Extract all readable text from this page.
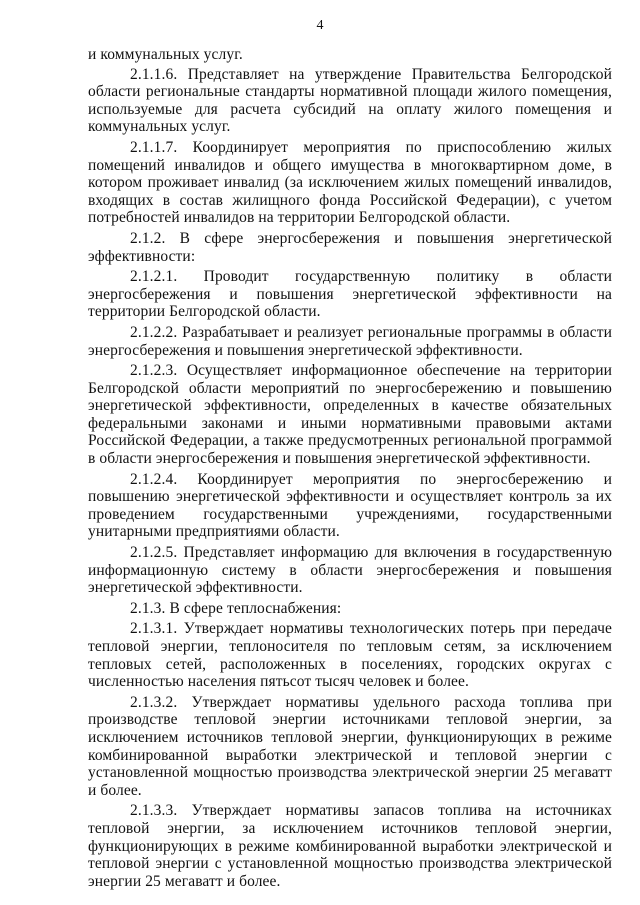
4

и коммунальных услуг.

2.1.1.6. Представляет на утверждение Правительства Белгородской области региональные стандарты нормативной площади жилого помещения, используемые для расчета субсидий на оплату жилого помещения и коммунальных услуг.

2.1.1.7. Координирует мероприятия по приспособлению жилых помещений инвалидов и общего имущества в многоквартирном доме, в котором проживает инвалид (за исключением жилых помещений инвалидов, входящих в состав жилищного фонда Российской Федерации), с учетом потребностей инвалидов на территории Белгородской области.

2.1.2. В сфере энергосбережения и повышения энергетической эффективности:

2.1.2.1. Проводит государственную политику в области энергосбережения и повышения энергетической эффективности на территории Белгородской области.

2.1.2.2. Разрабатывает и реализует региональные программы в области энергосбережения и повышения энергетической эффективности.

2.1.2.3. Осуществляет информационное обеспечение на территории Белгородской области мероприятий по энергосбережению и повышению энергетической эффективности, определенных в качестве обязательных федеральными законами и иными нормативными правовыми актами Российской Федерации, а также предусмотренных региональной программой в области энергосбережения и повышения энергетической эффективности.

2.1.2.4. Координирует мероприятия по энергосбережению и повышению энергетической эффективности и осуществляет контроль за их проведением государственными учреждениями, государственными унитарными предприятиями области.

2.1.2.5. Представляет информацию для включения в государственную информационную систему в области энергосбережения и повышения энергетической эффективности.

2.1.3. В сфере теплоснабжения:

2.1.3.1. Утверждает нормативы технологических потерь при передаче тепловой энергии, теплоносителя по тепловым сетям, за исключением тепловых сетей, расположенных в поселениях, городских округах с численностью населения пятьсот тысяч человек и более.

2.1.3.2. Утверждает нормативы удельного расхода топлива при производстве тепловой энергии источниками тепловой энергии, за исключением источников тепловой энергии, функционирующих в режиме комбинированной выработки электрической и тепловой энергии с установленной мощностью производства электрической энергии 25 мегаватт и более.

2.1.3.3. Утверждает нормативы запасов топлива на источниках тепловой энергии, за исключением источников тепловой энергии, функционирующих в режиме комбинированной выработки электрической и тепловой энергии с установленной мощностью производства электрической энергии 25 мегаватт и более.
